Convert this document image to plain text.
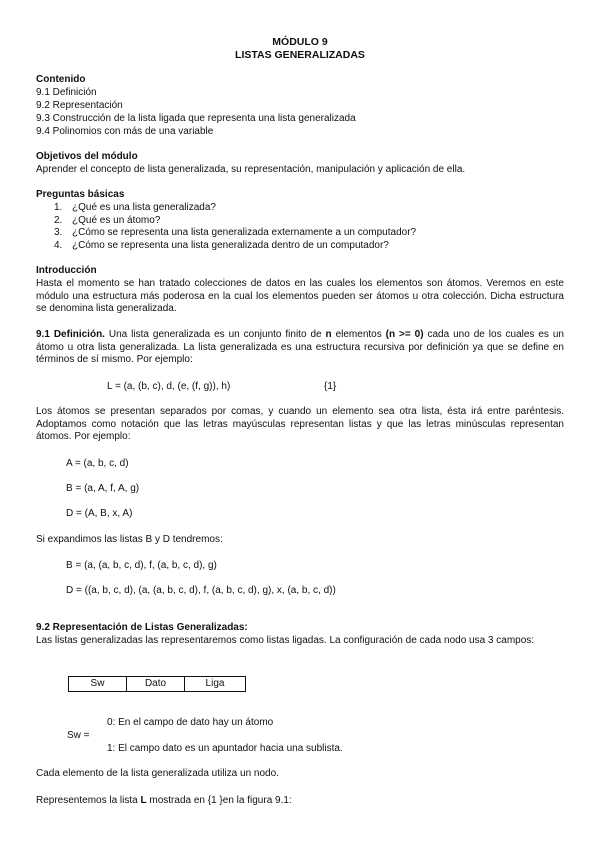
MÓDULO 9

LISTAS GENERALIZADAS

Contenido

9.1 Definición

9.2 Representación

9.3 Construcción de la lista ligada que representa una lista generalizada

9.4 Polinomios con más de una variable

Objetivos del módulo

Aprender el concepto de lista generalizada, su representación, manipulación y aplicación de ella.

Preguntas básicas

1. ¿Qué es una lista generalizada?
2. ¿Qué es un átomo?
3. ¿Cómo se representa una lista generalizada externamente a un computador?
4. ¿Cómo se representa una lista generalizada dentro de un computador?

Introducción

Hasta el momento se han tratado colecciones de datos en las cuales los elementos son átomos. Veremos en este módulo una estructura más poderosa en la cual los elementos pueden ser átomos u otra colección. Dicha estructura se denomina lista generalizada.

9.1 Definición. Una lista generalizada es un conjunto finito de n elementos (n >= 0) cada uno de los cuales es un átomo u otra lista generalizada. La lista generalizada es una estructura recursiva por definición ya que se define en términos de sí mismo. Por ejemplo:

L = (a, (b, c), d, (e, (f, g)), h)	{1}

Los átomos se presentan separados por comas, y cuando un elemento sea otra lista, ésta irá entre paréntesis. Adoptamos como notación que las letras mayúsculas representan listas y que las letras minúsculas representan átomos. Por ejemplo:

A = (a, b, c, d)

B = (a, A, f, A, g)

D = (A, B, x, A)

Si expandimos las listas B y D tendremos:

B = (a, (a, b, c, d), f, (a, b, c, d), g)

D = ((a, b, c, d), (a, (a, b, c, d), f, (a, b, c, d), g), x, (a, b, c, d))

9.2 Representación de Listas Generalizadas:

Las listas generalizadas las representaremos como listas ligadas. La configuración de cada nodo usa 3 campos:

Sw	Dato	Liga

0: En el campo de dato hay un átomo

Sw =

1: El campo dato es un apuntador hacia una sublista.

Cada elemento de la lista generalizada utiliza un nodo.

Representemos la lista L mostrada en {1 }en la figura 9.1:
